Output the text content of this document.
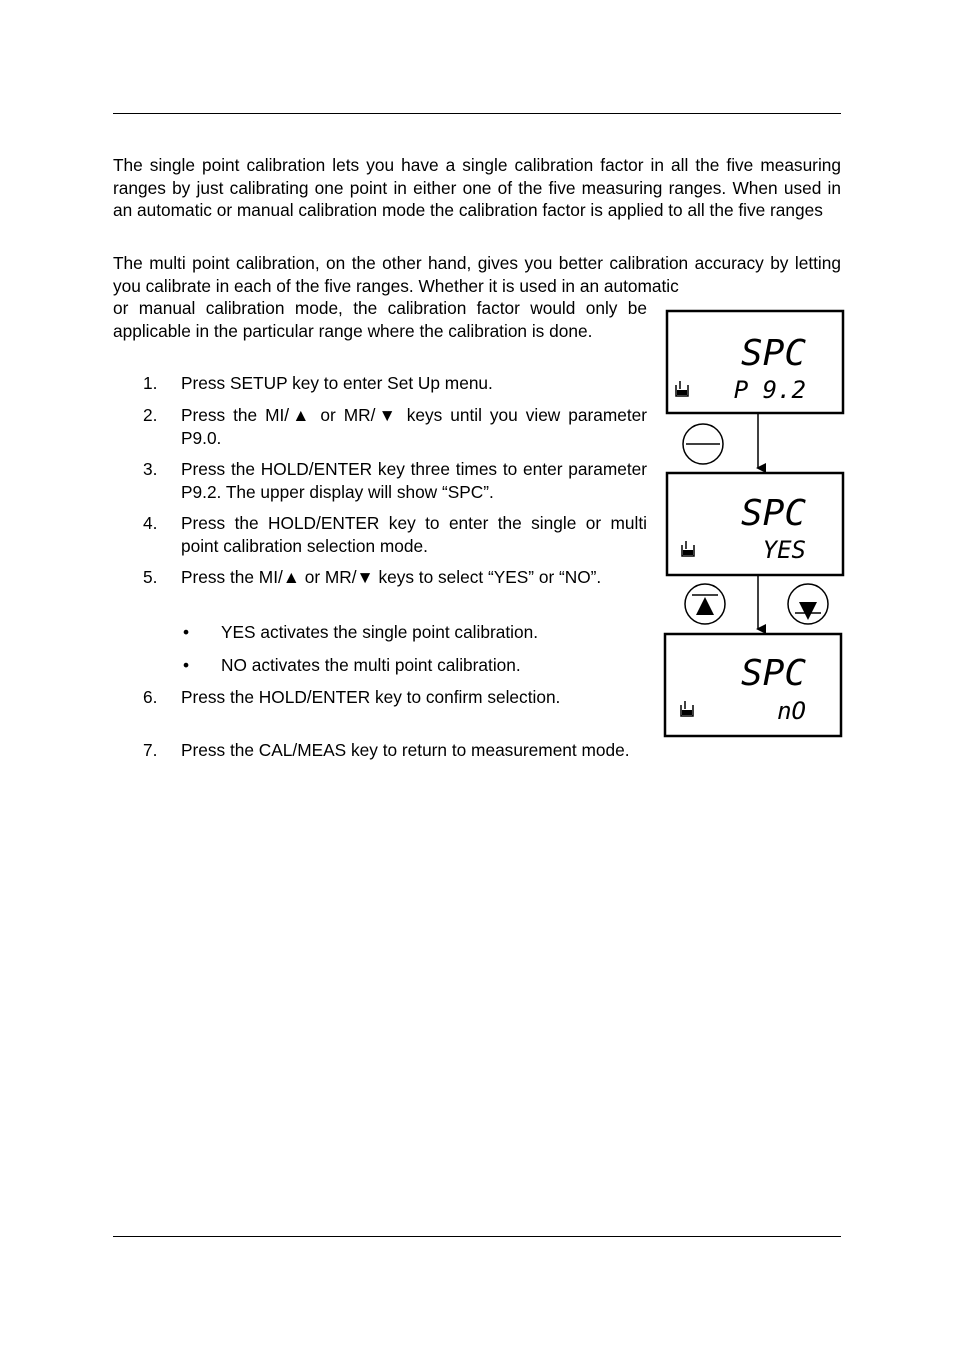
The single point calibration lets you have a single calibration factor in all the five measuring ranges by just calibrating one point in either one of the five measuring ranges. When used in an automatic or manual calibration mode the calibration factor is applied to all the five ranges

The multi point calibration, on the other hand, gives you better calibration accuracy by letting you calibrate in each of the five ranges. Whether it is used in an automatic

or manual calibration mode, the calibration factor would only be applicable in the particular range where the calibration is done.

1. Press SETUP key to enter Set Up menu.
2. Press the MI/▲ or MR/▼ keys until you view parameter P9.0.
3. Press the HOLD/ENTER key three times to enter parameter P9.2. The upper display will show “SPC”.
4. Press the HOLD/ENTER key to enter the single or multi point calibration selection mode.
5. Press the MI/▲ or MR/▼ keys to select “YES” or “NO”.
• YES activates the single point calibration.
• NO activates the multi point calibration.
6. Press the HOLD/ENTER key to confirm selection.
7. Press the CAL/MEAS key to return to measurement mode.
SPC
P 9.2
SPC
YES
SPC
nO
